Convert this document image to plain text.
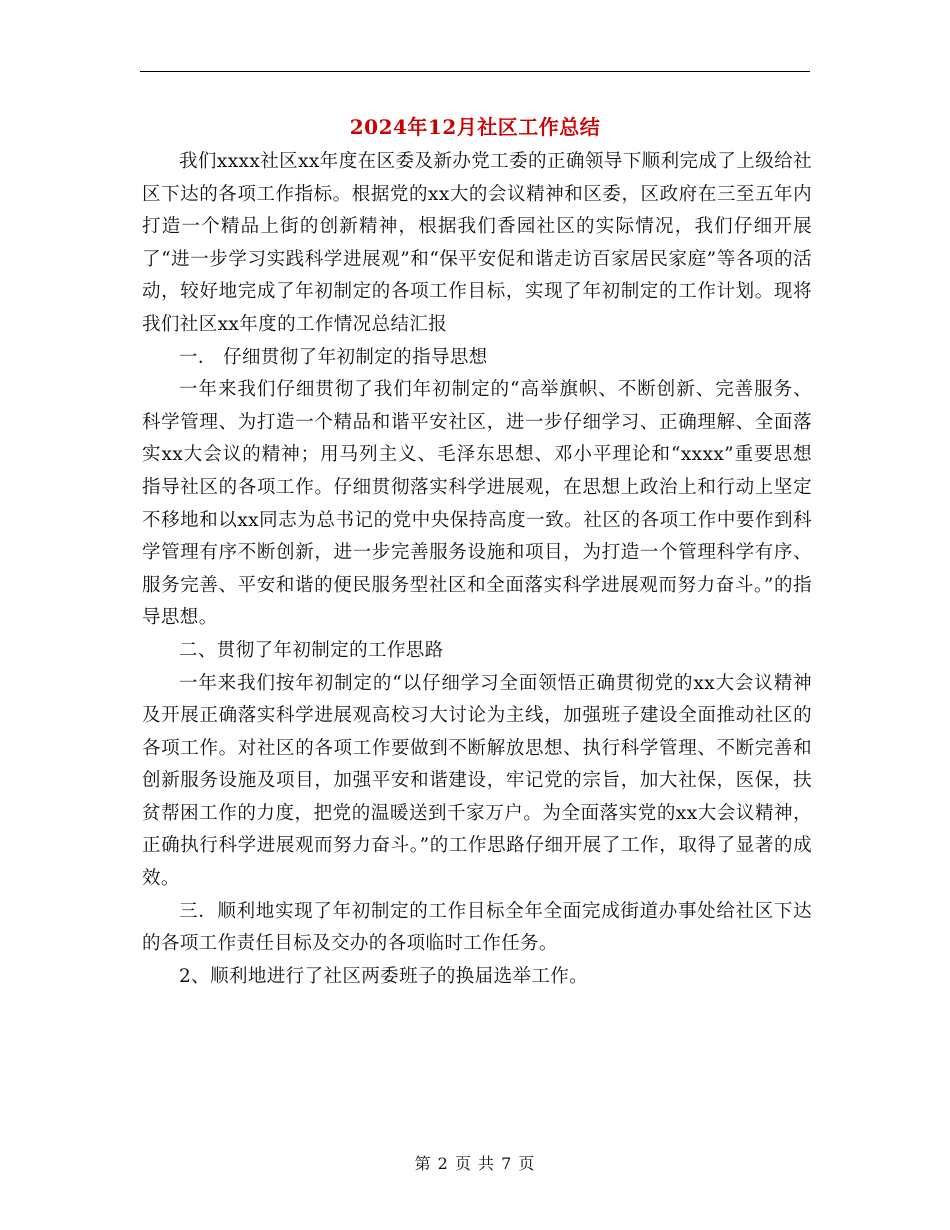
2024年12月社区工作总结

我们xxxx社区xx年度在区委及新办党工委的正确领导下顺利完成了上级给社区下达的各项工作指标。根据党的xx大的会议精神和区委，区政府在三至五年内打造一个精品上街的创新精神，根据我们香园社区的实际情况，我们仔细开展了“进一步学习实践科学进展观”和“保平安促和谐走访百家居民家庭”等各项的活动，较好地完成了年初制定的各项工作目标，实现了年初制定的工作计划。现将我们社区xx年度的工作情况总结汇报

一． 仔细贯彻了年初制定的指导思想

一年来我们仔细贯彻了我们年初制定的“高举旗帜、不断创新、完善服务、科学管理、为打造一个精品和谐平安社区，进一步仔细学习、正确理解、全面落实xx大会议的精神；用马列主义、毛泽东思想、邓小平理论和“xxxx”重要思想指导社区的各项工作。仔细贯彻落实科学进展观，在思想上政治上和行动上坚定不移地和以xx同志为总书记的党中央保持高度一致。社区的各项工作中要作到科学管理有序不断创新，进一步完善服务设施和项目，为打造一个管理科学有序、服务完善、平安和谐的便民服务型社区和全面落实科学进展观而努力奋斗。”的指导思想。

二、贯彻了年初制定的工作思路

一年来我们按年初制定的“以仔细学习全面领悟正确贯彻党的xx大会议精神及开展正确落实科学进展观高校习大讨论为主线，加强班子建设全面推动社区的各项工作。对社区的各项工作要做到不断解放思想、执行科学管理、不断完善和创新服务设施及项目，加强平安和谐建设，牢记党的宗旨，加大社保，医保，扶贫帮困工作的力度，把党的温暖送到千家万户。为全面落实党的xx大会议精神，正确执行科学进展观而努力奋斗。”的工作思路仔细开展了工作，取得了显著的成效。

三．顺利地实现了年初制定的工作目标全年全面完成街道办事处给社区下达的各项工作责任目标及交办的各项临时工作任务。

2、顺利地进行了社区两委班子的换届选举工作。

第 2 页 共 7 页
